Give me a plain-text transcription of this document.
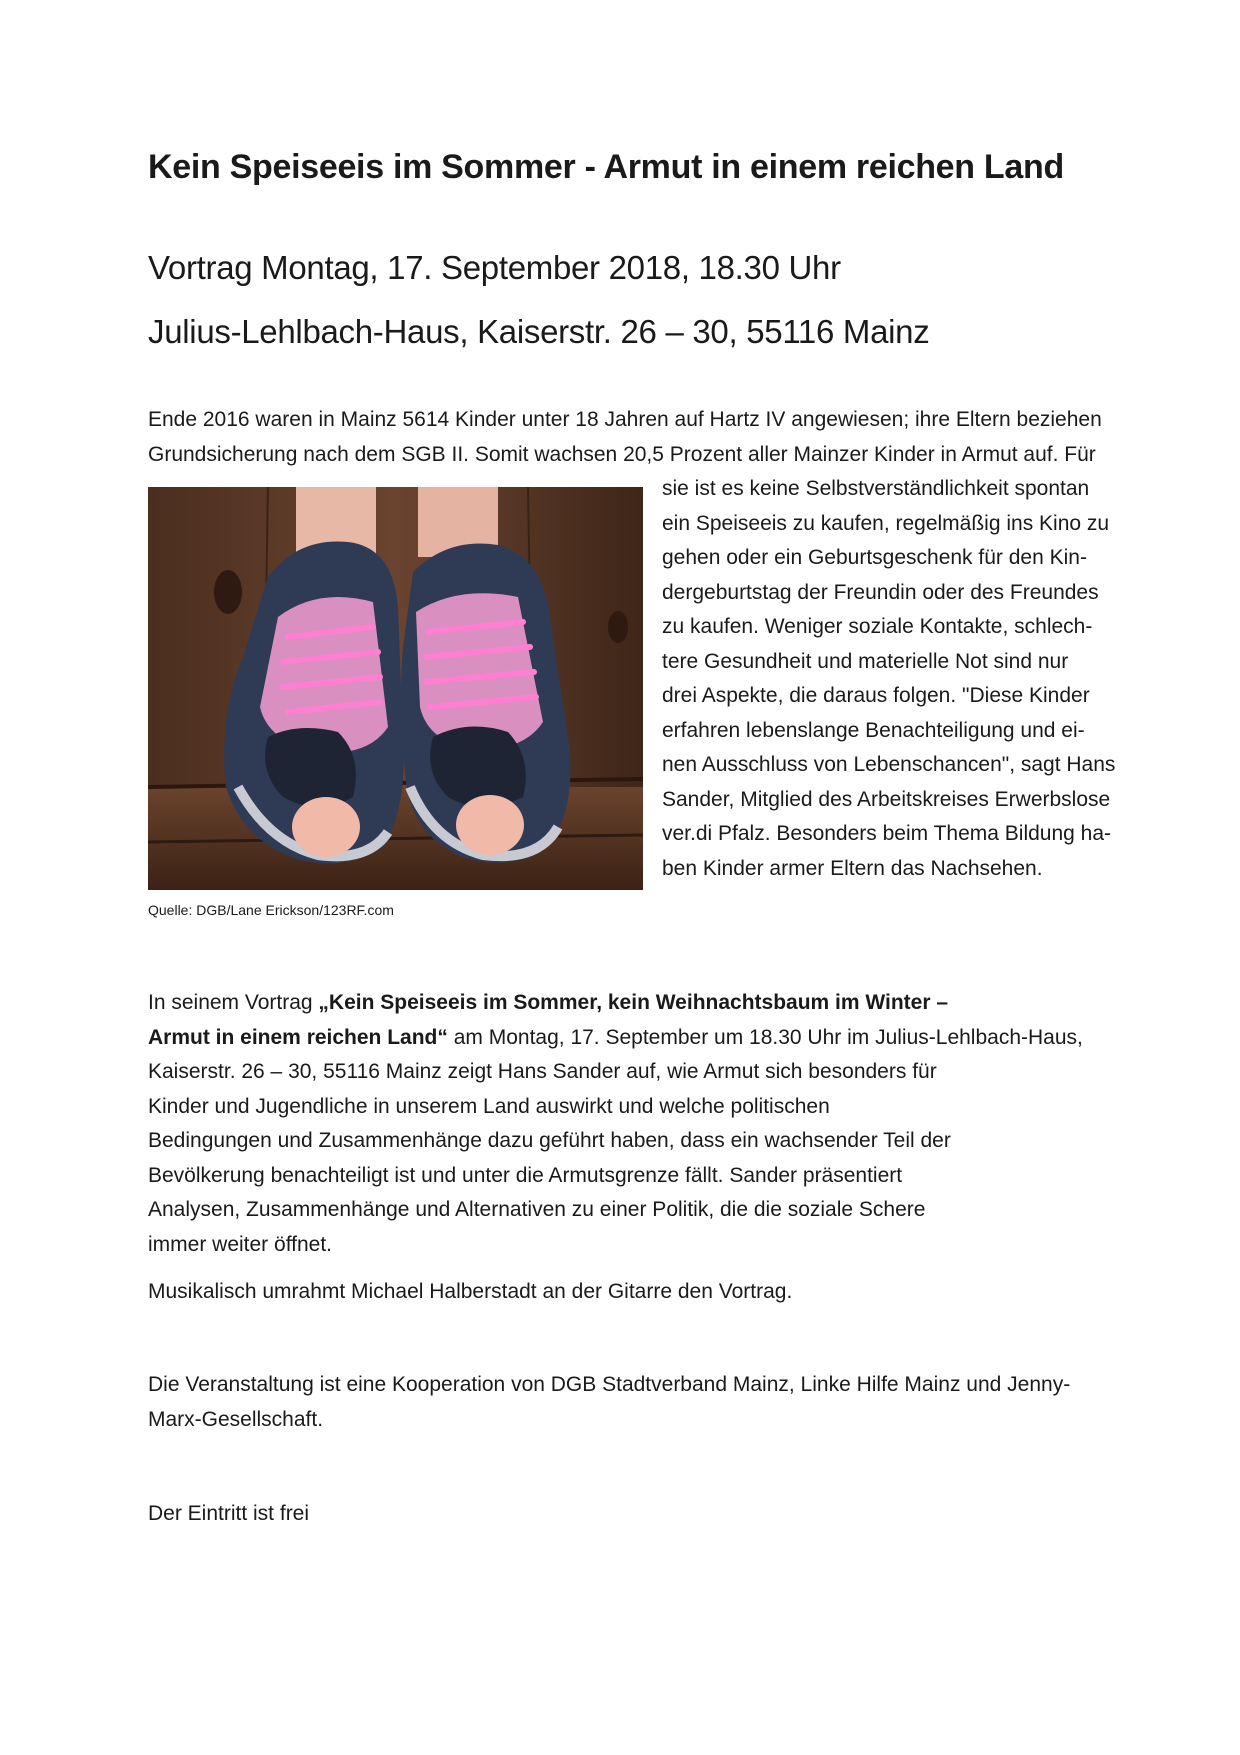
Kein Speiseeis im Sommer - Armut in einem reichen Land
Vortrag Montag, 17. September 2018, 18.30 Uhr
Julius-Lehlbach-Haus, Kaiserstr. 26 – 30, 55116 Mainz

Ende 2016 waren in Mainz 5614 Kinder unter 18 Jahren auf Hartz IV angewiesen; ihre Eltern beziehen

Grundsicherung nach dem SGB II. Somit wachsen 20,5 Prozent aller Mainzer Kinder in Armut auf. Für

Quelle: DGB/Lane Erickson/123RF.com

sie ist es keine Selbstverständlichkeit spontan

ein Speiseeis zu kaufen, regelmäßig ins Kino zu

gehen oder ein Geburtsgeschenk für den Kin-

dergeburtstag der Freundin oder des Freundes

zu kaufen. Weniger soziale Kontakte, schlech-

tere Gesundheit und materielle Not sind nur

drei Aspekte, die daraus folgen. "Diese Kinder

erfahren lebenslange Benachteiligung und ei-

nen Ausschluss von Lebenschancen", sagt Hans

Sander, Mitglied des Arbeitskreises Erwerbslose

ver.di Pfalz. Besonders beim Thema Bildung ha-

ben Kinder armer Eltern das Nachsehen.

In seinem Vortrag „Kein Speiseeis im Sommer, kein Weihnachtsbaum im Winter –

Armut in einem reichen Land“ am Montag, 17. September um 18.30 Uhr im Julius-Lehlbach-Haus,

Kaiserstr. 26 – 30, 55116 Mainz zeigt Hans Sander auf, wie Armut sich besonders für

Kinder und Jugendliche in unserem Land auswirkt und welche politischen

Bedingungen und Zusammenhänge dazu geführt haben, dass ein wachsender Teil der

Bevölkerung benachteiligt ist und unter die Armutsgrenze fällt. Sander präsentiert

Analysen, Zusammenhänge und Alternativen zu einer Politik, die die soziale Schere

immer weiter öffnet.

Musikalisch umrahmt Michael Halberstadt an der Gitarre den Vortrag.

Die Veranstaltung ist eine Kooperation von DGB Stadtverband Mainz, Linke Hilfe Mainz und Jenny-

Marx-Gesellschaft.

Der Eintritt ist frei
